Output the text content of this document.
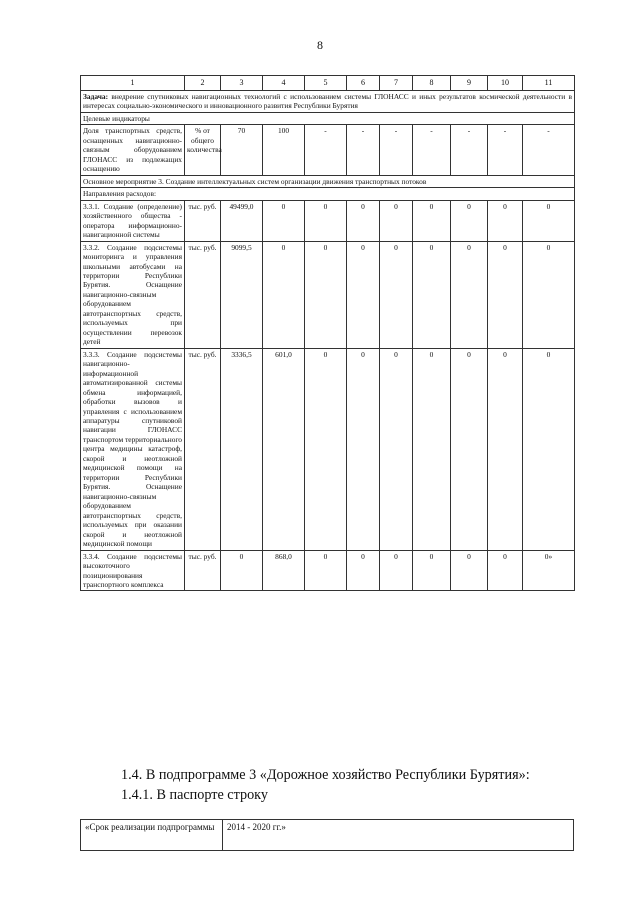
8
1	2	3	4	5	6	7	8	9	10	11
Задача: внедрение спутниковых навигационных технологий с использованием системы ГЛОНАСС и иных результатов космической деятельности в интересах социально-экономического и инновационного развития Республики Бурятия										
Целевые индикаторы										
Доля транспортных средств, оснащенных навигационно-связным оборудованием ГЛОНАСС из подлежащих оснащению	% от общего количества	70	100	-	-	-	-	-	-	-
Основное мероприятие 3. Создание интеллектуальных систем организации движения транспортных потоков										
Направления расходов:										
3.3.1. Создание (определение) хозяйственного общества - оператора информационно-навигационной системы	тыс. руб.	49499,0	0	0	0	0	0	0	0	0
3.3.2. Создание подсистемы мониторинга и управления школьными автобусами на территории Республики Бурятия. Оснащение навигационно-связным оборудованием автотранспортных средств, используемых при осуществлении перевозок детей	тыс. руб.	9099,5	0	0	0	0	0	0	0	0
3.3.3. Создание подсистемы навигационно-информационной автоматизированной системы обмена информацией, обработки вызовов и управления с использованием аппаратуры спутниковой навигации ГЛОНАСС транспортом территориального центра медицины катастроф, скорой и неотложной медицинской помощи на территории Республики Бурятия. Оснащение навигационно-связным оборудованием автотранспортных средств, используемых при оказании скорой и неотложной медицинской помощи	тыс. руб.	3336,5	601,0	0	0	0	0	0	0	0
3.3.4. Создание подсистемы высокоточного позиционирования транспортного комплекса	тыс. руб.	0	868,0	0	0	0	0	0	0	0»
1.4. В подпрограмме 3 «Дорожное хозяйство Республики Бурятия»:
1.4.1. В паспорте строку
«Срок реализации подпрограммы	2014 - 2020 гг.»
